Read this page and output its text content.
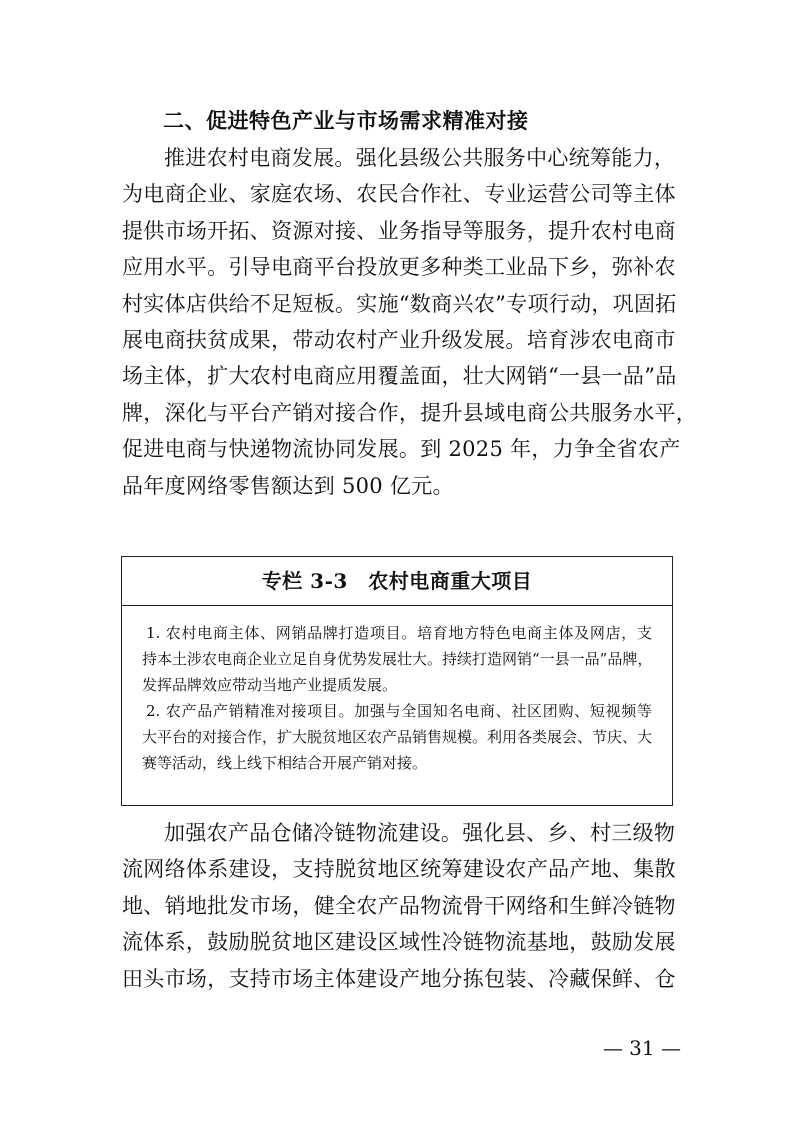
二、促进特色产业与市场需求精准对接
推进农村电商发展。强化县级公共服务中心统筹能力，
为电商企业、家庭农场、农民合作社、专业运营公司等主体
提供市场开拓、资源对接、业务指导等服务，提升农村电商
应用水平。引导电商平台投放更多种类工业品下乡，弥补农
村实体店供给不足短板。实施“数商兴农”专项行动，巩固拓
展电商扶贫成果，带动农村产业升级发展。培育涉农电商市
场主体，扩大农村电商应用覆盖面，壮大网销“一县一品”品
牌，深化与平台产销对接合作，提升县域电商公共服务水平，
促进电商与快递物流协同发展。到 2025 年，力争全省农产
品年度网络零售额达到 500 亿元。
专栏 3-3　农村电商重大项目
1. 农村电商主体、网销品牌打造项目。培育地方特色电商主体及网店，支
持本土涉农电商企业立足自身优势发展壮大。持续打造网销“一县一品”品牌，
发挥品牌效应带动当地产业提质发展。
2. 农产品产销精准对接项目。加强与全国知名电商、社区团购、短视频等
大平台的对接合作，扩大脱贫地区农产品销售规模。利用各类展会、节庆、大
赛等活动，线上线下相结合开展产销对接。
加强农产品仓储冷链物流建设。强化县、乡、村三级物
流网络体系建设，支持脱贫地区统筹建设农产品产地、集散
地、销地批发市场，健全农产品物流骨干网络和生鲜冷链物
流体系，鼓励脱贫地区建设区域性冷链物流基地，鼓励发展
田头市场，支持市场主体建设产地分拣包装、冷藏保鲜、仓
— 31 —
